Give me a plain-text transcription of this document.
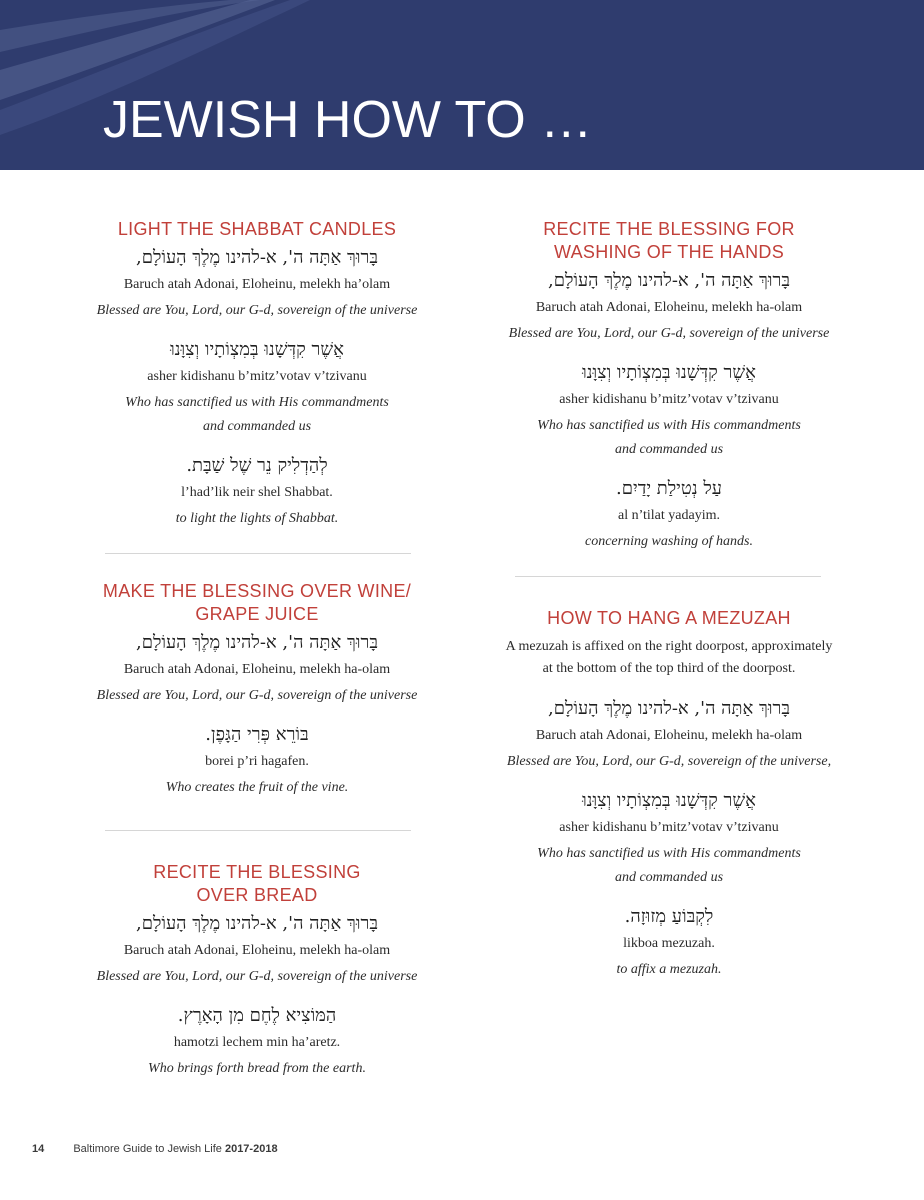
JEWISH HOW TO …
LIGHT THE SHABBAT CANDLES
בָּרוּךְ אַתָּה ה', א-להינו מֶלֶךְ הָעוֹלָם,
Baruch atah Adonai, Eloheinu, melekh ha’olam
Blessed are You, Lord, our G-d, sovereign of the universe
אֲשֶׁר קִדְּשָׁנוּ בְּמִצְוֹתָיו וְצִוָּנוּ
asher kidishanu b’mitz’votav v’tzivanu
Who has sanctified us with His commandments
and commanded us
לְהַדְלִיק נֵר שֶׁל שַׁבָּת.
l’had’lik neir shel Shabbat.
to light the lights of Shabbat.
MAKE THE BLESSING OVER WINE/
GRAPE JUICE
בָּרוּךְ אַתָּה ה', א-להינו מֶלֶךְ הָעוֹלָם,
Baruch atah Adonai, Eloheinu, melekh ha-olam
Blessed are You, Lord, our G-d, sovereign of the universe
בּוֹרֵא פְּרִי הַגָּפֶן.
borei p’ri hagafen.
Who creates the fruit of the vine.
RECITE THE BLESSING
OVER BREAD
בָּרוּךְ אַתָּה ה', א-להינו מֶלֶךְ הָעוֹלָם,
Baruch atah Adonai, Eloheinu, melekh ha-olam
Blessed are You, Lord, our G-d, sovereign of the universe
הַמּוֹצִיא לֶחֶם מִן הָאָרֶץ.
hamotzi lechem min ha’aretz.
Who brings forth bread from the earth.
RECITE THE BLESSING FOR
WASHING OF THE HANDS
בָּרוּךְ אַתָּה ה', א-להינו מֶלֶךְ הָעוֹלָם,
Baruch atah Adonai, Eloheinu, melekh ha-olam
Blessed are You, Lord, our G-d, sovereign of the universe
אֲשֶׁר קִדְּשָׁנוּ בְּמִצְוֹתָיו וְצִוָּנוּ
asher kidishanu b’mitz’votav v’tzivanu
Who has sanctified us with His commandments
and commanded us
עַל נְטִילַת יָדַיִם.
al n’tilat yadayim.
concerning washing of hands.
HOW TO HANG A MEZUZAH
A mezuzah is affixed on the right doorpost, approximately
at the bottom of the top third of the doorpost.
בָּרוּךְ אַתָּה ה', א-להינו מֶלֶךְ הָעוֹלָם,
Baruch atah Adonai, Eloheinu, melekh ha-olam
Blessed are You, Lord, our G-d, sovereign of the universe,
אֲשֶׁר קִדְּשָׁנוּ בְּמִצְוֹתָיו וְצִוָּנוּ
asher kidishanu b’mitz’votav v’tzivanu
Who has sanctified us with His commandments
and commanded us
לִקְבּוֹעַ מְזוּזָה.
likboa mezuzah.
to affix a mezuzah.
14	Baltimore Guide to Jewish Life 2017-2018
